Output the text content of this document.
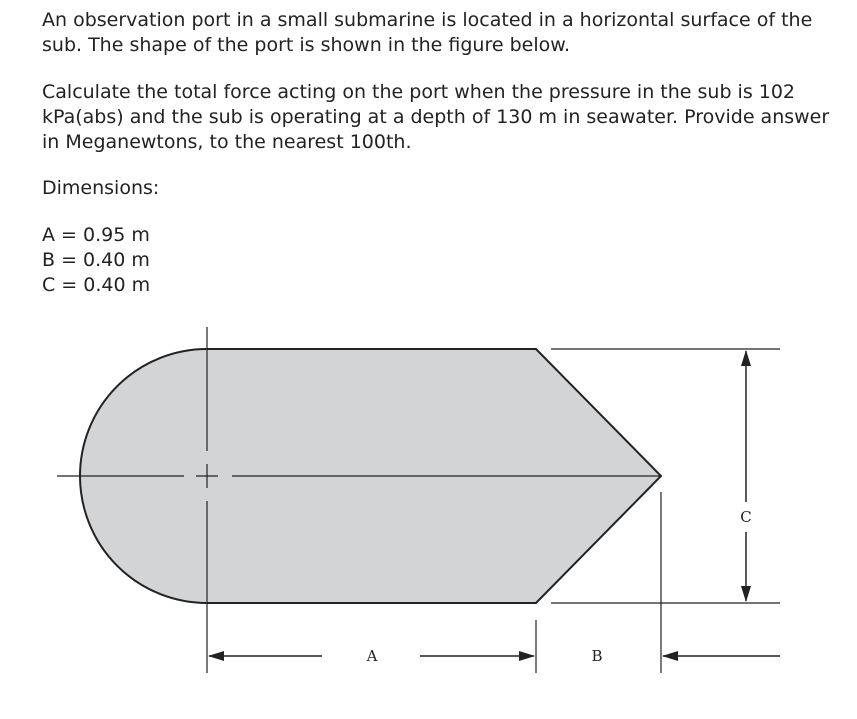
An observation port in a small submarine is located in a horizontal surface of the sub. The shape of the port is shown in the figure below.

Calculate the total force acting on the port when the pressure in the sub is 102 kPa(abs) and the sub is operating at a depth of 130 m in seawater. Provide answer in Meganewtons, to the nearest 100th.

Dimensions:

A = 0.95 m
B = 0.40 m
C = 0.40 m
A	B
C
